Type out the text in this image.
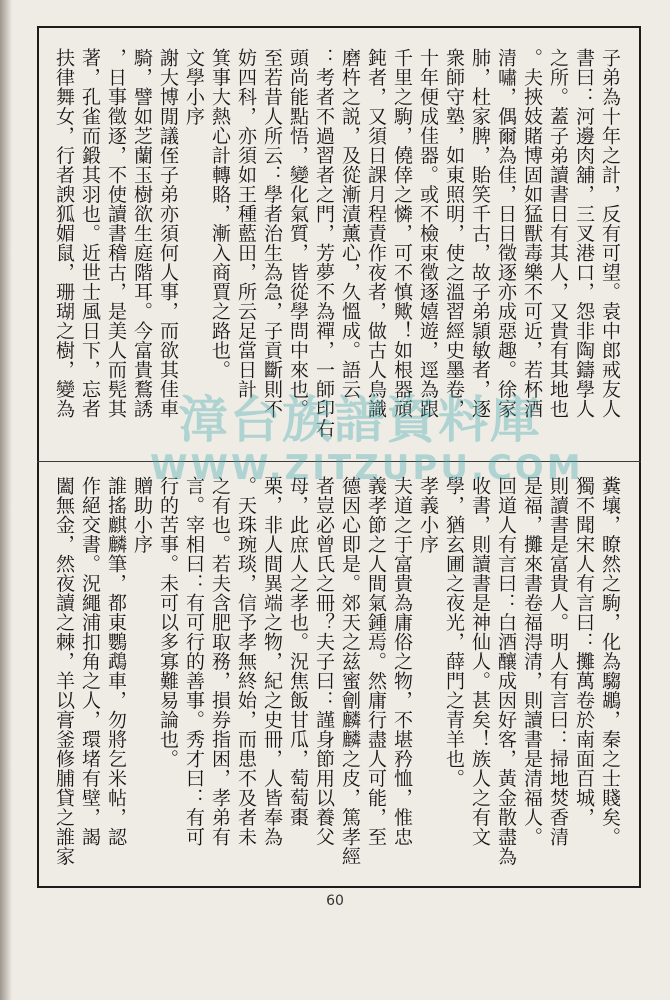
子弟為十年之計，反有可望。袁中郎戒友人
書曰：河邊肉舖，三叉港口，怨非陶鑄學人
之所。蓋子弟讀書日有其人，又貴有其地也
。夫挾妓賭博固如猛獸毒樂不可近，若杯酒
清嘯，偶爾為佳，日日徵逐亦成惡趣。徐家
肺，杜家脾，貽笑千古，故子弟頴敏者，逐
衆師守塾，如東照明，使之溫習經史墨卷，
十年便成佳器。或不檢束徵逐嬉遊，逕為跟
千里之駒，僥倖之憐，可不慎歟！如根器頑
鈍者，又須日課月程責作夜者，做古人鳥識
磨杵之説，及從漸漬薰心，久慍成。語云
：考者不過習者之門，芳夢不為禪，一師印右
頭尚能點悟，變化氣質，皆從學問中來也。
至若昔人所云：學者治生為急，子貢斷則不
妨四科，亦須如王種藍田，所云足當日計
箕事大熱心計轉賂，漸入商賈之路也。
文學小序
謝大博閒議侄子弟亦須何人事，而欲其佳車
騎，譬如芝蘭玉樹欲生庭階耳。今富貴鶩誘
，日事徵逐，不使讀書稽古，是美人而髡其
著，孔雀而鍛其羽也。近世士風日下，忘者
扶律舞女，行者諛狐媚鼠，珊瑚之樹，變為
糞壤，瞭然之駒，化為騶鶘，秦之士賤矣。
獨不聞宋人有言曰：攤萬卷於南面百城，
則讀書是富貴人。明人有言曰：掃地焚香清
是福，攤來書卷福淂清，則讀書是清福人。
回道人有言曰：白酒釀成因好客，黃金散盡為
收書，則讀書是神仙人。甚矣！族人之有文
學，猶玄圃之夜光，薛門之青羊也。
孝義小序
夫道之于富貴為庸俗之物，不堪矜恤，惟忠
義孝節之人間氣鍾焉。然庸行盡人可能，至
德因心即是。郊天之兹蜜劊麟麟之皮，篤孝經
者豈必曾氏之冊？夫子曰：謹身節用以養父
母，此庶人之孝也。況焦飯甘瓜，萄萄棗
栗，非人間異端之物，紀之史冊，人皆奉為
。天珠琬琰，信予孝無終始，而患不及者未
之有也。若夫含肥取務，損券指困，孝弟有
言。宰相曰：有可行的善事。秀才曰：有可
行的苦事。未可以多寡難易論也。
贈助小序
誰搖麒麟筆，都東鸚鵡車，勿將乞米帖，認
作絕交書。況繩浦扣角之人，環堵有壁，謁
闔無金，然夜讀之棘，羊以膏釜修脯貸之誰家
漳台族譜資料庫
WWW.ZITZUPU.COM
60
